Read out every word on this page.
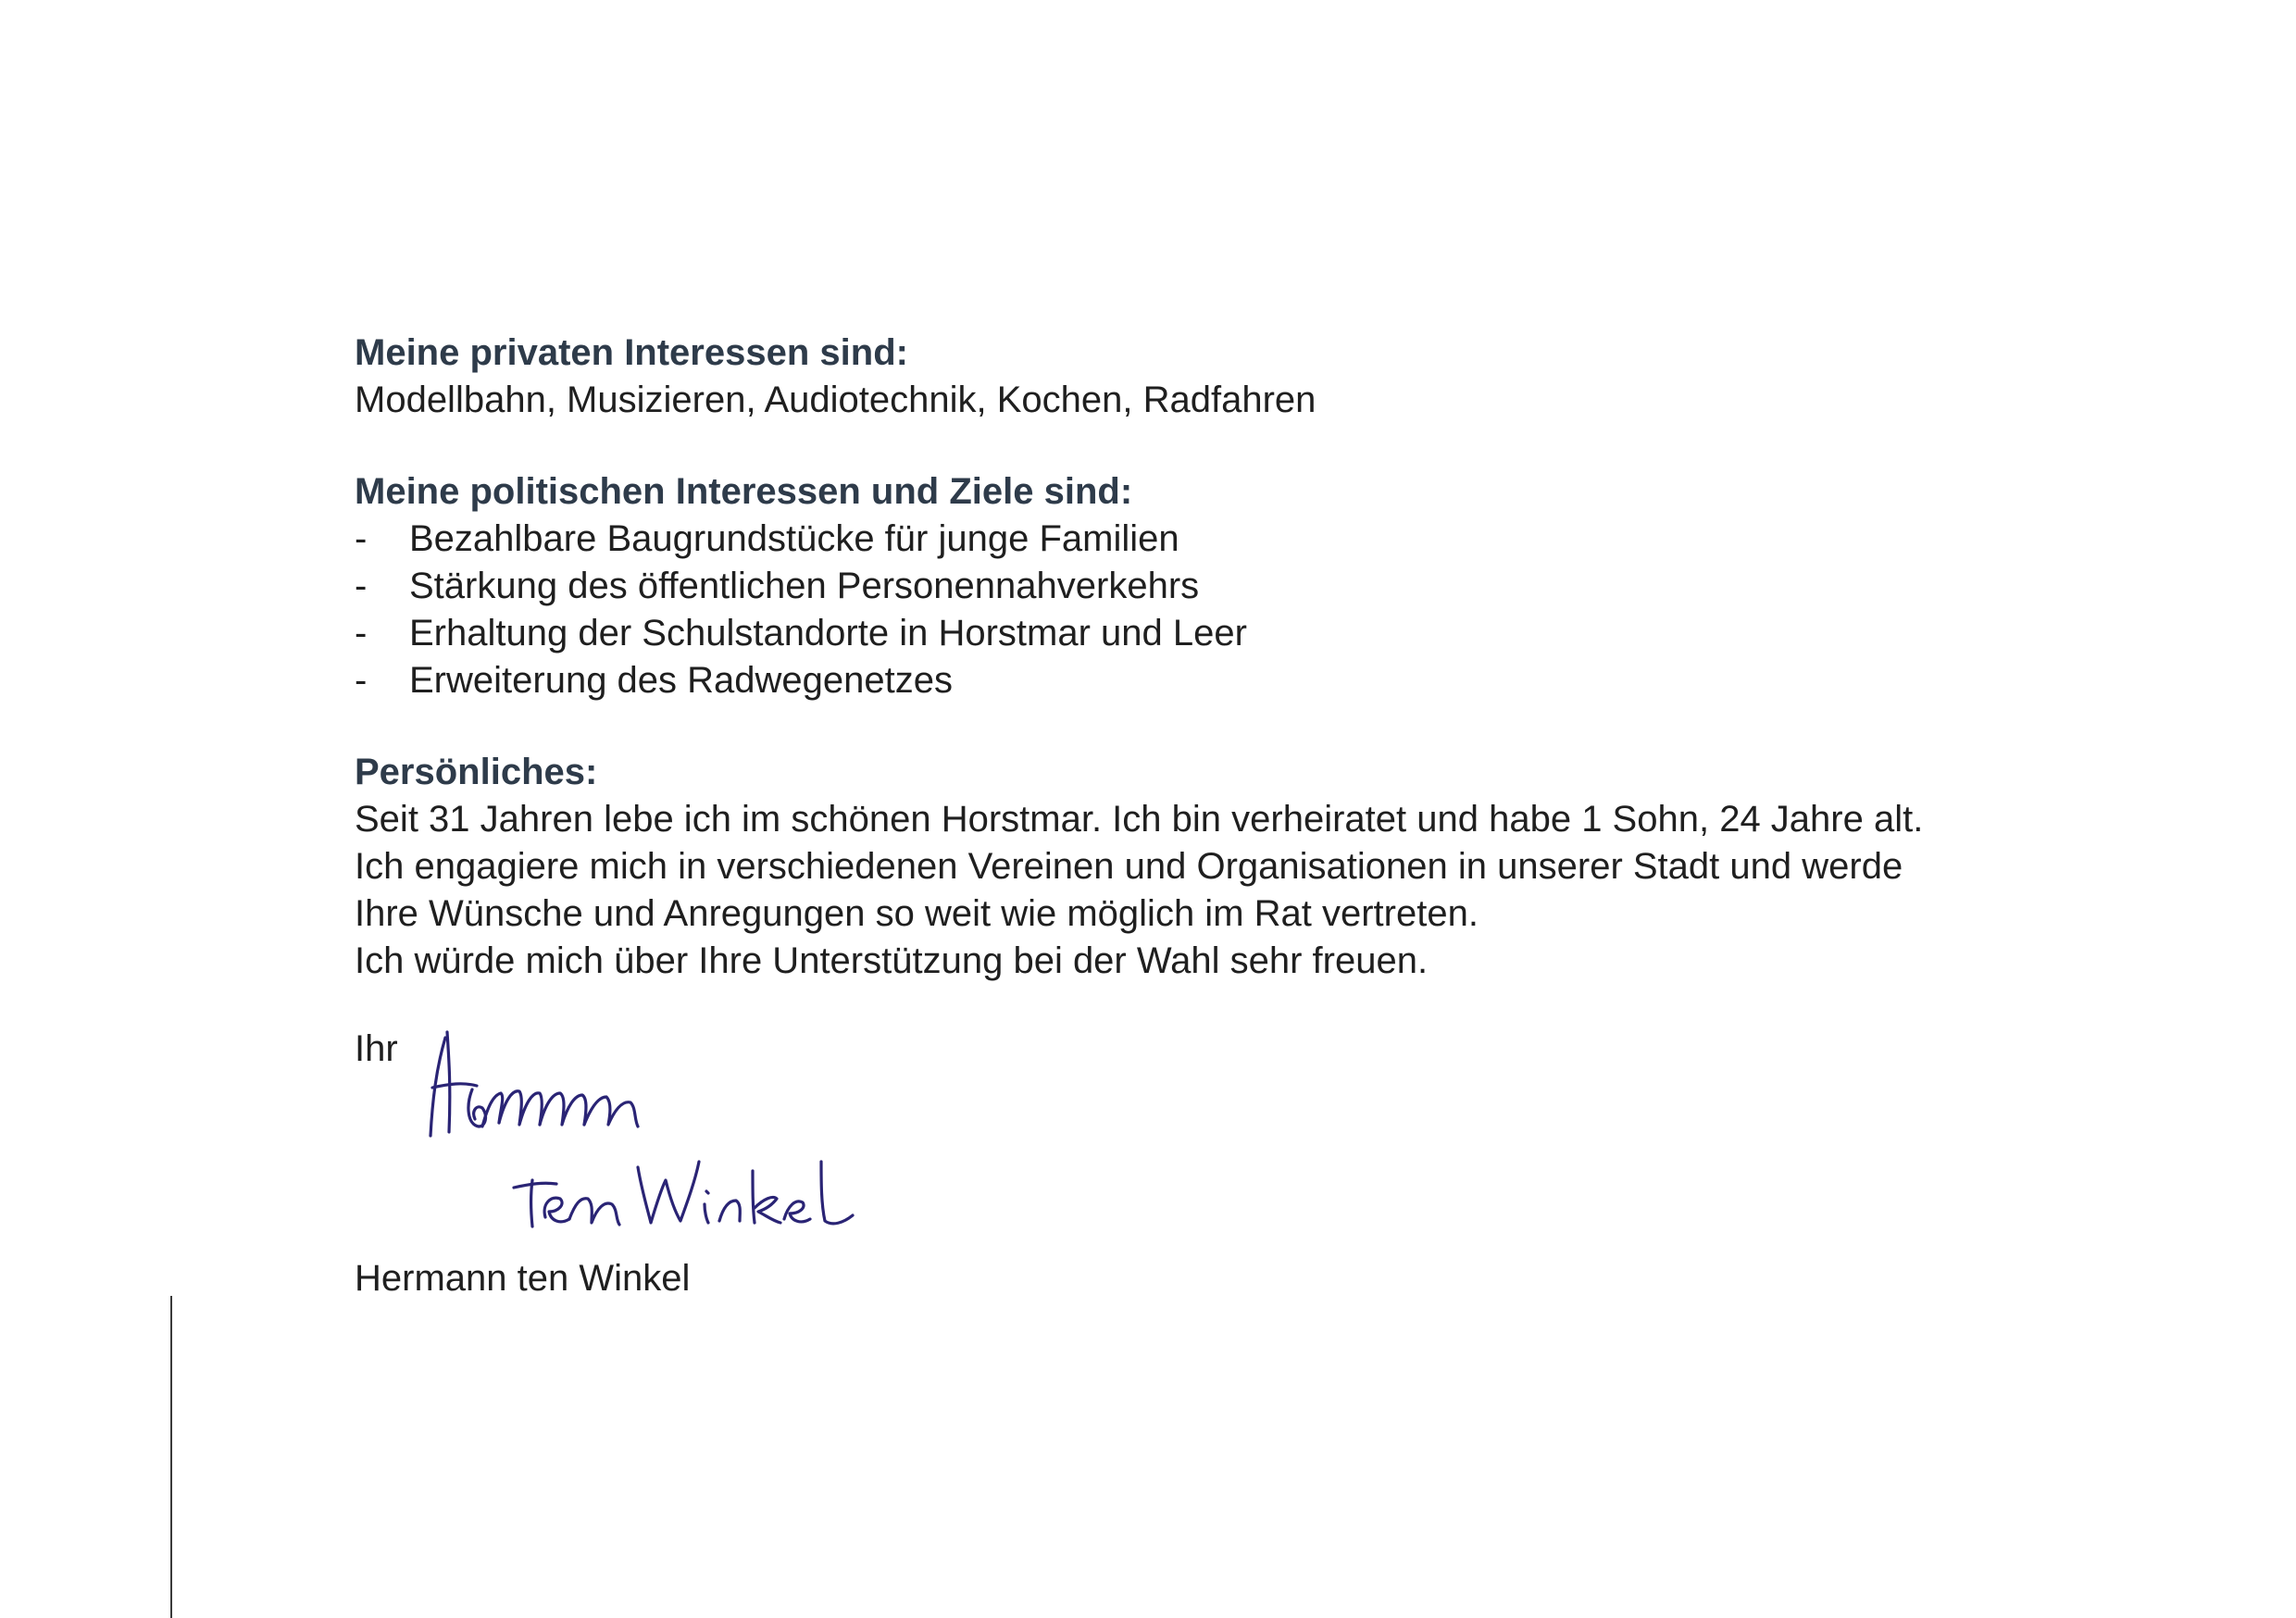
Meine privaten Interessen sind:

Modellbahn, Musizieren, Audiotechnik, Kochen, Radfahren

Meine politischen Interessen und Ziele sind:

-	Bezahlbare Baugrundstücke für junge Familien
-	Stärkung des öffentlichen Personennahverkehrs
-	Erhaltung der Schulstandorte in Horstmar und Leer
-	Erweiterung des Radwegenetzes

Persönliches:

Seit 31 Jahren lebe ich im schönen Horstmar. Ich bin verheiratet und habe 1 Sohn, 24 Jahre alt.

Ich engagiere mich in verschiedenen Vereinen und Organisationen in unserer Stadt und werde

Ihre Wünsche und Anregungen so weit wie möglich im Rat vertreten.

Ich würde mich über Ihre Unterstützung bei der Wahl sehr freuen.

Ihr
Hermann ten Winkel
